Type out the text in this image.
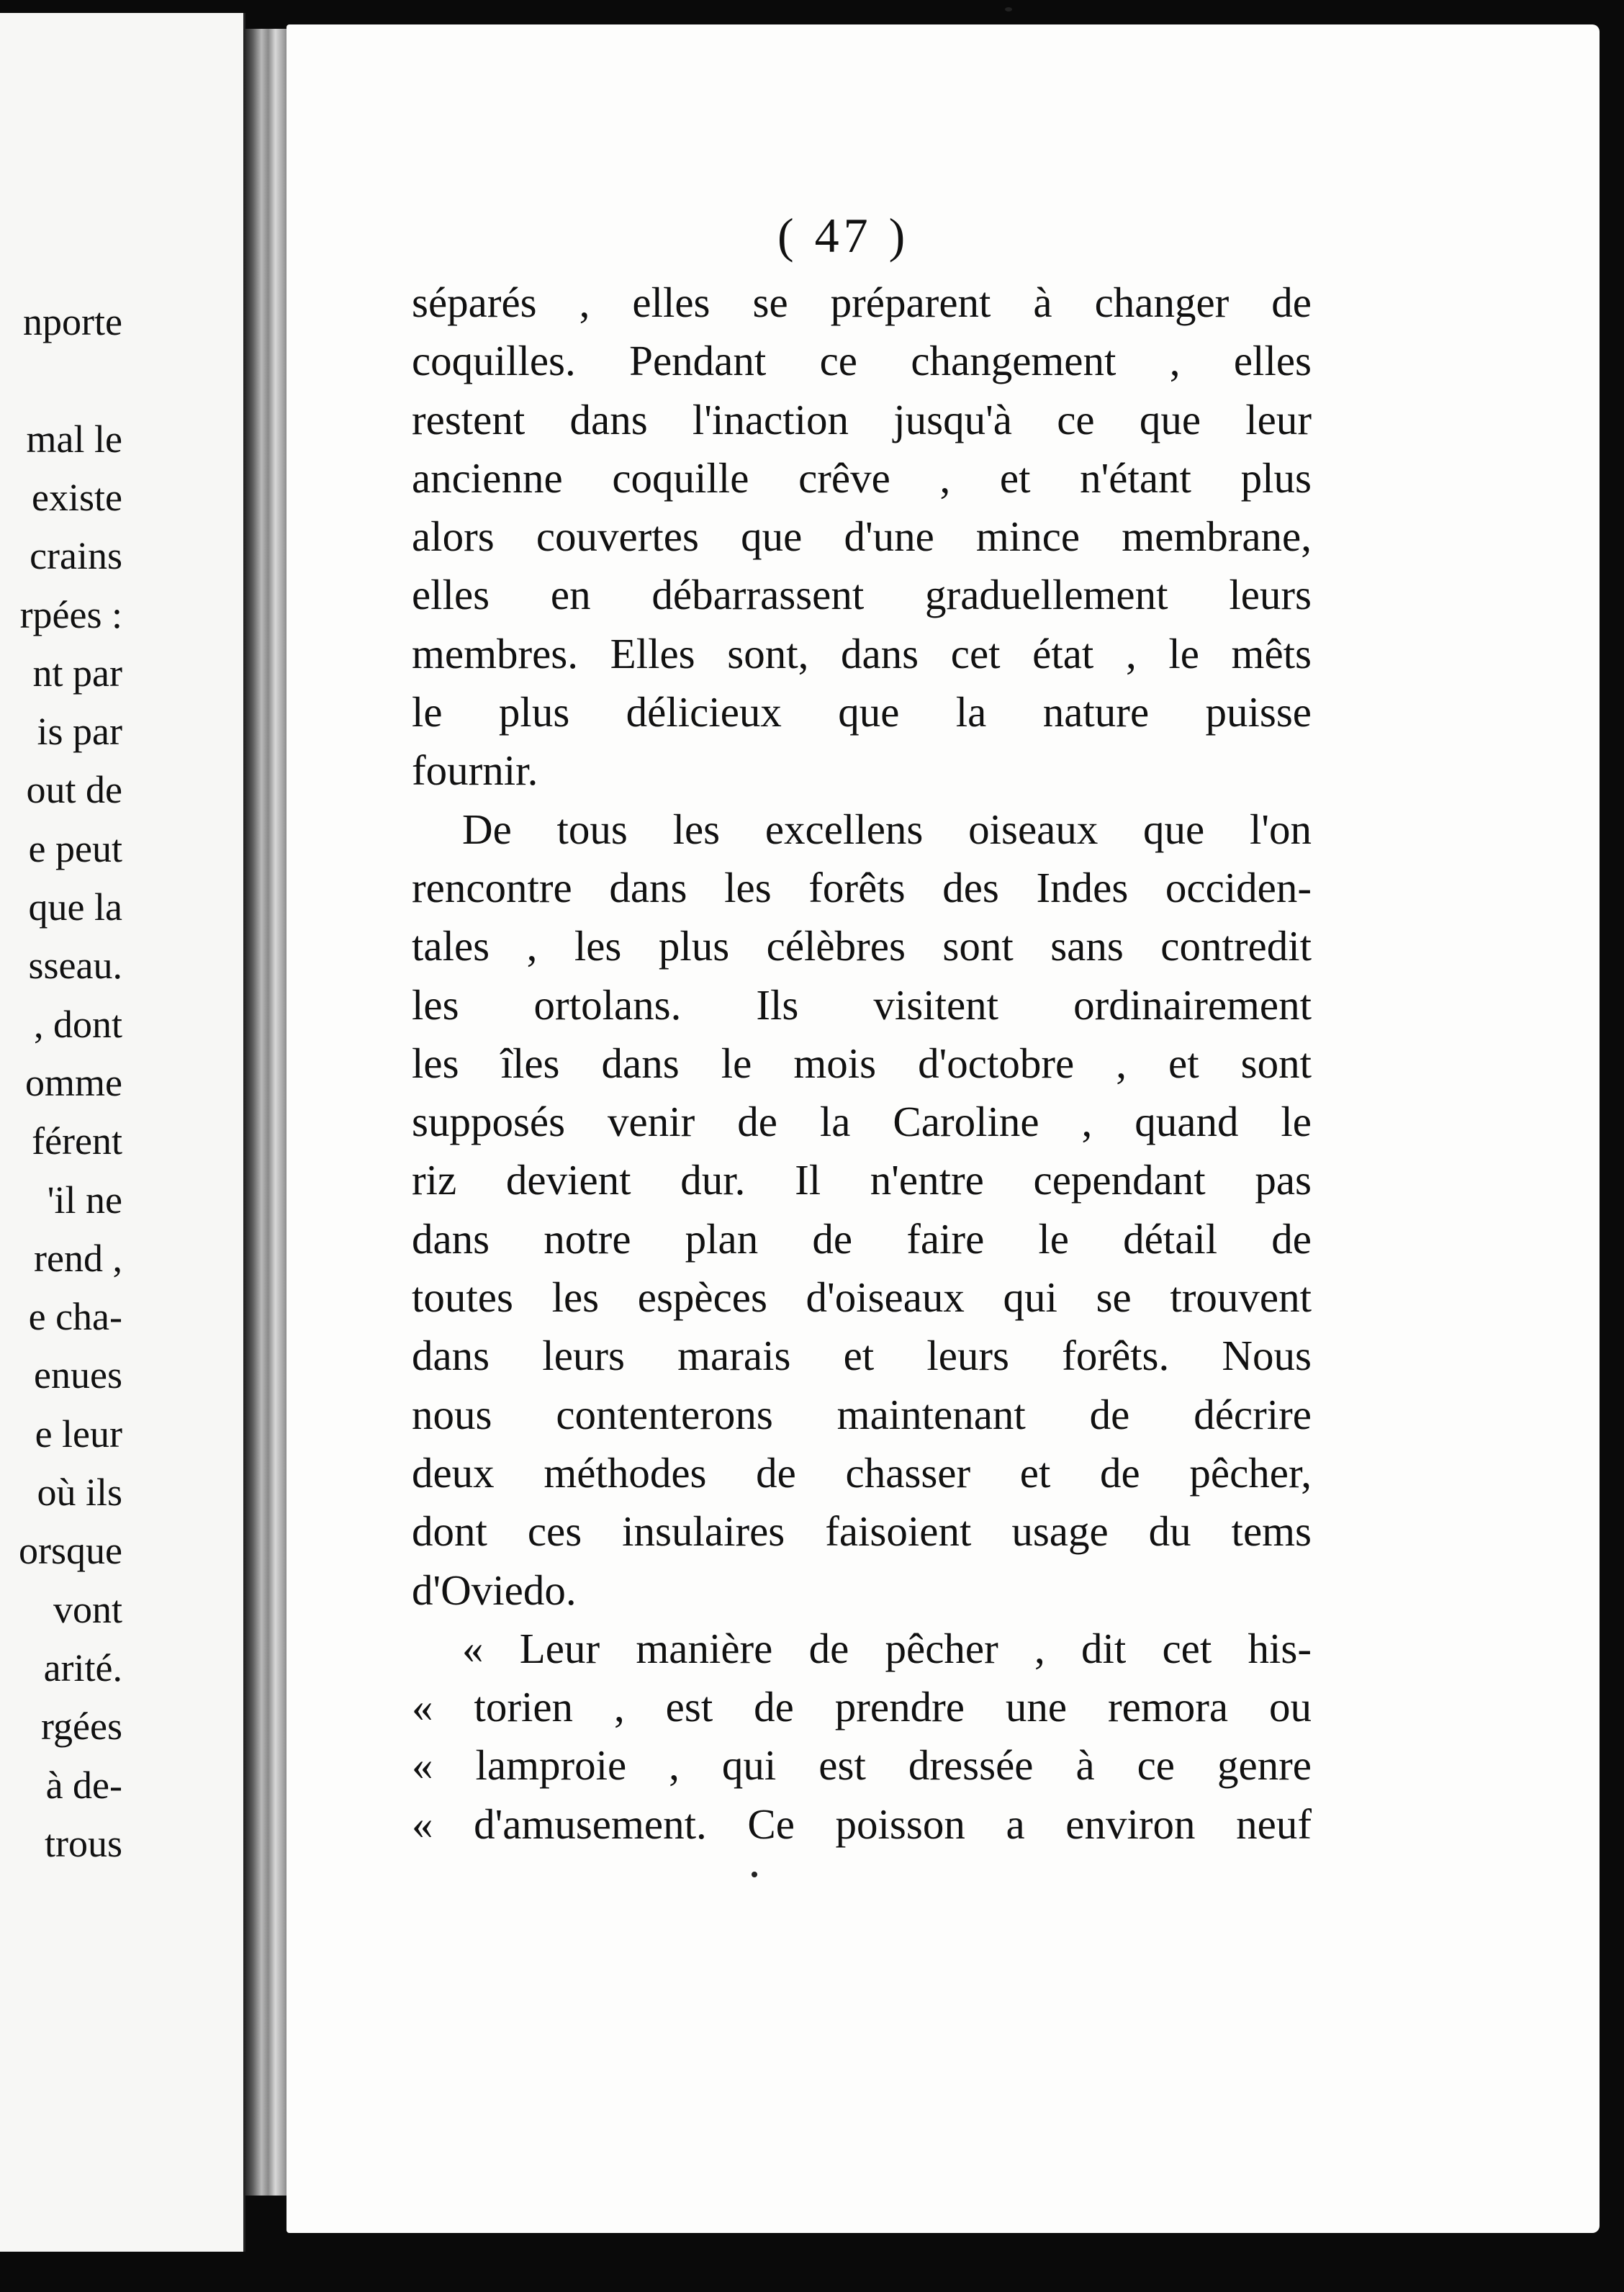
nporte
mal le
existe
crains
rpées :
nt par
is par
out de
e peut
que la
sseau.
, dont
omme
férent
'il ne
rend ,
e cha-
enues
e leur
où ils
orsque
vont
arité.
rgées
à de-
trous
( 47 )
séparés , elles se préparent à changer de
coquilles. Pendant ce changement , elles
restent dans l'inaction jusqu'à ce que leur
ancienne coquille crêve , et n'étant plus
alors couvertes que d'une mince membrane,
elles en débarrassent graduellement leurs
membres. Elles sont, dans cet état , le mêts
le plus délicieux que la nature puisse
fournir.
De tous les excellens oiseaux que l'on
rencontre dans les forêts des Indes occiden-
tales , les plus célèbres sont sans contredit
les ortolans. Ils visitent ordinairement
les îles dans le mois d'octobre , et sont
supposés venir de la Caroline , quand le
riz devient dur. Il n'entre cependant pas
dans notre plan de faire le détail de
toutes les espèces d'oiseaux qui se trouvent
dans leurs marais et leurs forêts. Nous
nous contenterons maintenant de décrire
deux méthodes de chasser et de pêcher,
dont ces insulaires faisoient usage du tems
d'Oviedo.
« Leur manière de pêcher , dit cet his-
« torien , est de prendre une remora ou
« lamproie , qui est dressée à ce genre
« d'amusement. Ce poisson a environ neuf
